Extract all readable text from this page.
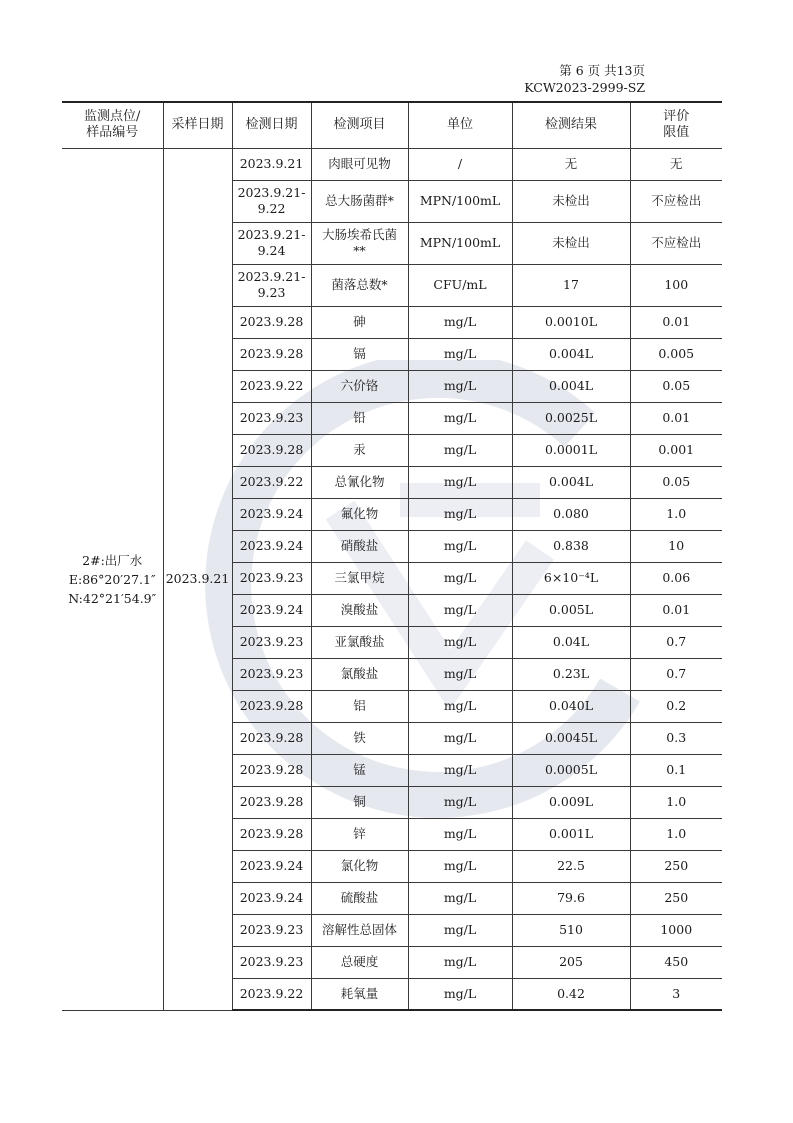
第 6 页 共13页
KCW2023-2999-SZ
监测点位/
样品编号	采样日期	检测日期	检测项目	单位	检测结果	评价
限值

2#:出厂水
E:86°20′27.1″
N:42°21′54.9″	2023.9.21	2023.9.21	肉眼可见物	/	无	无
		2023.9.21-
9.22	总大肠菌群*	MPN/100mL	未检出	不应检出
		2023.9.21-
9.24	大肠埃希氏菌
**	MPN/100mL	未检出	不应检出
		2023.9.21-
9.23	菌落总数*	CFU/mL	17	100
		2023.9.28	砷	mg/L	0.0010L	0.01
		2023.9.28	镉	mg/L	0.004L	0.005
		2023.9.22	六价铬	mg/L	0.004L	0.05
		2023.9.23	铅	mg/L	0.0025L	0.01
		2023.9.28	汞	mg/L	0.0001L	0.001
		2023.9.22	总氰化物	mg/L	0.004L	0.05
		2023.9.24	氟化物	mg/L	0.080	1.0
		2023.9.24	硝酸盐	mg/L	0.838	10
		2023.9.23	三氯甲烷	mg/L	6×10⁻⁴L	0.06
		2023.9.24	溴酸盐	mg/L	0.005L	0.01
		2023.9.23	亚氯酸盐	mg/L	0.04L	0.7
		2023.9.23	氯酸盐	mg/L	0.23L	0.7
		2023.9.28	铝	mg/L	0.040L	0.2
		2023.9.28	铁	mg/L	0.0045L	0.3
		2023.9.28	锰	mg/L	0.0005L	0.1
		2023.9.28	铜	mg/L	0.009L	1.0
		2023.9.28	锌	mg/L	0.001L	1.0
		2023.9.24	氯化物	mg/L	22.5	250
		2023.9.24	硫酸盐	mg/L	79.6	250
		2023.9.23	溶解性总固体	mg/L	510	1000
		2023.9.23	总硬度	mg/L	205	450
		2023.9.22	耗氧量	mg/L	0.42	3
